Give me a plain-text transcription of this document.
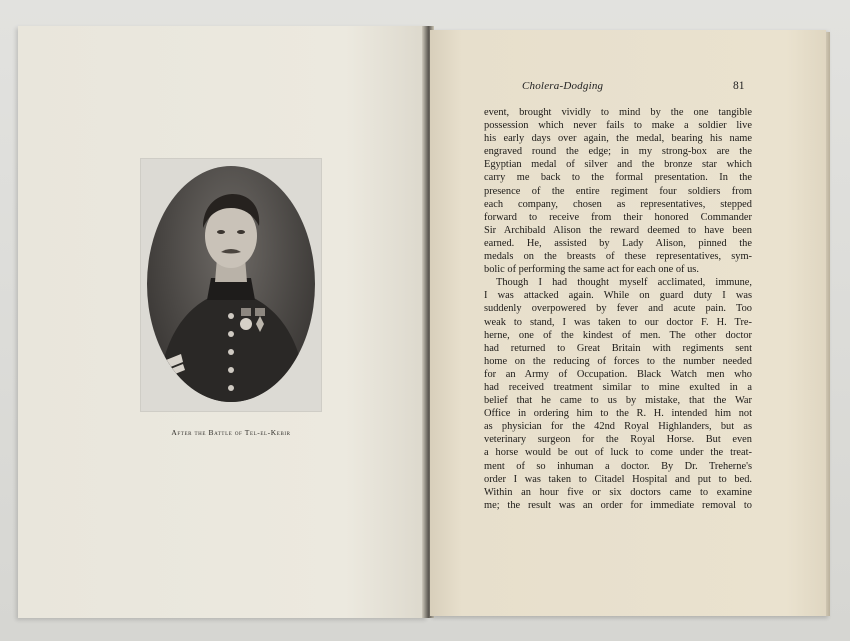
After the Battle of Tel-el-Kebir
Cholera-Dodging	81
event, brought vividly to mind by the one tangible
possession which never fails to make a soldier live
his early days over again, the medal, bearing his name
engraved round the edge; in my strong-box are the
Egyptian medal of silver and the bronze star which
carry me back to the formal presentation. In the
presence of the entire regiment four soldiers from
each company, chosen as representatives, stepped
forward to receive from their honored Commander
Sir Archibald Alison the reward deemed to have been
earned. He, assisted by Lady Alison, pinned the
medals on the breasts of these representatives, sym-
bolic of performing the same act for each one of us.
Though I had thought myself acclimated, immune,
I was attacked again. While on guard duty I was
suddenly overpowered by fever and acute pain. Too
weak to stand, I was taken to our doctor F. H. Tre-
herne, one of the kindest of men. The other doctor
had returned to Great Britain with regiments sent
home on the reducing of forces to the number needed
for an Army of Occupation. Black Watch men who
had received treatment similar to mine exulted in a
belief that he came to us by mistake, that the War
Office in ordering him to the R. H. intended him not
as physician for the 42nd Royal Highlanders, but as
veterinary surgeon for the Royal Horse. But even
a horse would be out of luck to come under the treat-
ment of so inhuman a doctor. By Dr. Treherne's
order I was taken to Citadel Hospital and put to bed.
Within an hour five or six doctors came to examine
me; the result was an order for immediate removal to
